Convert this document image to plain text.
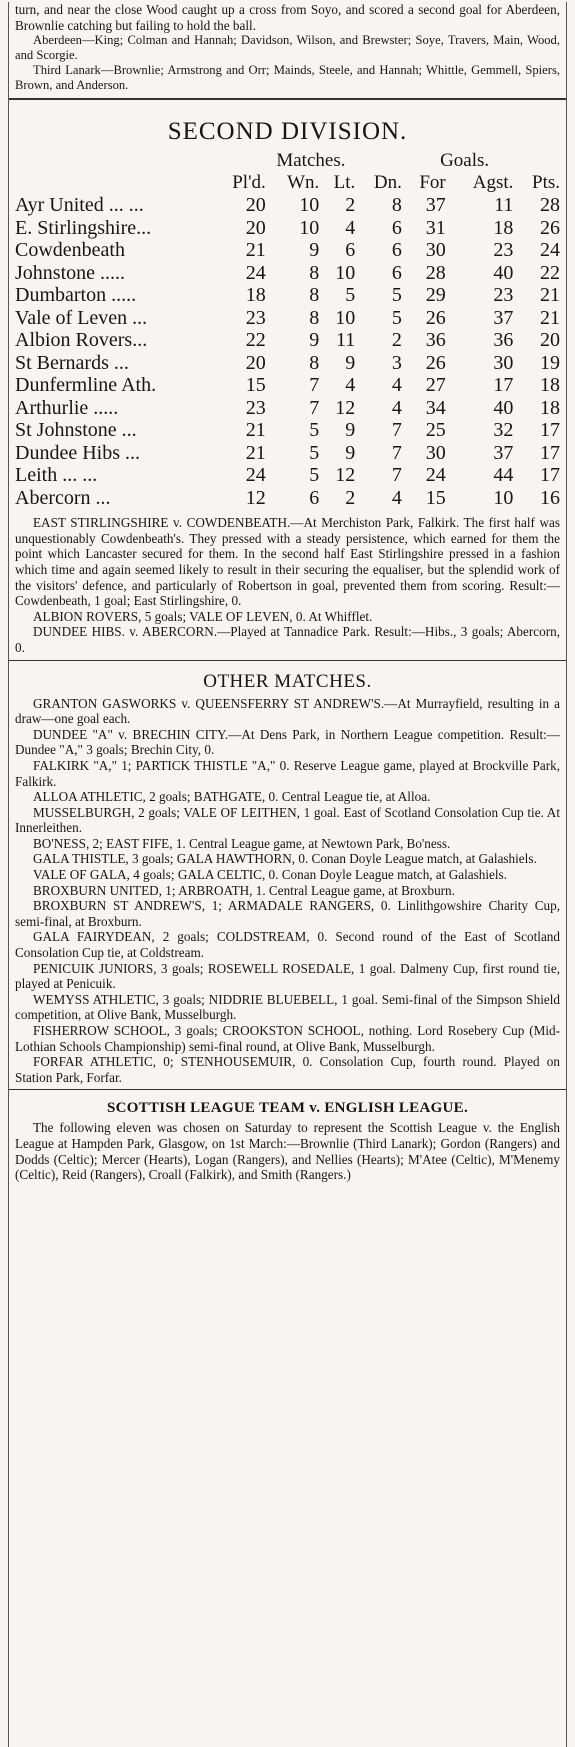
turn, and near the close Wood caught up a cross from Soyo, and scored a second goal for Aberdeen, Brownlie catching but failing to hold the ball.

Aberdeen—King; Colman and Hannah; Davidson, Wilson, and Brewster; Soye, Travers, Main, Wood, and Scorgie.

Third Lanark—Brownlie; Armstrong and Orr; Mainds, Steele, and Hannah; Whittle, Gemmell, Spiers, Brown, and Anderson.

SECOND DIVISION.
	Matches.				Goals.		
	Pl'd.	Wn.	Lt.	Dn.	For	Agst.	Pts.
Ayr United ... ...	20	10	2	8	37	11	28
E. Stirlingshire...	20	10	4	6	31	18	26
Cowdenbeath	21	9	6	6	30	23	24
Johnstone .....	24	8	10	6	28	40	22
Dumbarton .....	18	8	5	5	29	23	21
Vale of Leven ...	23	8	10	5	26	37	21
Albion Rovers...	22	9	11	2	36	36	20
St Bernards ...	20	8	9	3	26	30	19
Dunfermline Ath.	15	7	4	4	27	17	18
Arthurlie .....	23	7	12	4	34	40	18
St Johnstone ...	21	5	9	7	25	32	17
Dundee Hibs ...	21	5	9	7	30	37	17
Leith ... ...	24	5	12	7	24	44	17
Abercorn ...	12	6	2	4	15	10	16

EAST STIRLINGSHIRE v. COWDENBEATH.—At Merchiston Park, Falkirk. The first half was unquestionably Cowdenbeath's. They pressed with a steady persistence, which earned for them the point which Lancaster secured for them. In the second half East Stirlingshire pressed in a fashion which time and again seemed likely to result in their securing the equaliser, but the splendid work of the visitors' defence, and particularly of Robertson in goal, prevented them from scoring. Result:—Cowdenbeath, 1 goal; East Stirlingshire, 0.

ALBION ROVERS, 5 goals; VALE OF LEVEN, 0. At Whifflet.

DUNDEE HIBS. v. ABERCORN.—Played at Tannadice Park. Result:—Hibs., 3 goals; Abercorn, 0.

OTHER MATCHES.

GRANTON GASWORKS v. QUEENSFERRY ST ANDREW'S.—At Murrayfield, resulting in a draw—one goal each.

DUNDEE "A" v. BRECHIN CITY.—At Dens Park, in Northern League competition. Result:—Dundee "A," 3 goals; Brechin City, 0.

FALKIRK "A," 1; PARTICK THISTLE "A," 0. Reserve League game, played at Brockville Park, Falkirk.

ALLOA ATHLETIC, 2 goals; BATHGATE, 0. Central League tie, at Alloa.

MUSSELBURGH, 2 goals; VALE OF LEITHEN, 1 goal. East of Scotland Consolation Cup tie. At Innerleithen.

BO'NESS, 2; EAST FIFE, 1. Central League game, at Newtown Park, Bo'ness.

GALA THISTLE, 3 goals; GALA HAWTHORN, 0. Conan Doyle League match, at Galashiels.

VALE OF GALA, 4 goals; GALA CELTIC, 0. Conan Doyle League match, at Galashiels.

BROXBURN UNITED, 1; ARBROATH, 1. Central League game, at Broxburn.

BROXBURN ST ANDREW'S, 1; ARMADALE RANGERS, 0. Linlithgowshire Charity Cup, semi-final, at Broxburn.

GALA FAIRYDEAN, 2 goals; COLDSTREAM, 0. Second round of the East of Scotland Consolation Cup tie, at Coldstream.

PENICUIK JUNIORS, 3 goals; ROSEWELL ROSEDALE, 1 goal. Dalmeny Cup, first round tie, played at Penicuik.

WEMYSS ATHLETIC, 3 goals; NIDDRIE BLUEBELL, 1 goal. Semi-final of the Simpson Shield competition, at Olive Bank, Musselburgh.

FISHERROW SCHOOL, 3 goals; CROOKSTON SCHOOL, nothing. Lord Rosebery Cup (Mid-Lothian Schools Championship) semi-final round, at Olive Bank, Musselburgh.

FORFAR ATHLETIC, 0; STENHOUSEMUIR, 0. Consolation Cup, fourth round. Played on Station Park, Forfar.

SCOTTISH LEAGUE TEAM v. ENGLISH LEAGUE.

The following eleven was chosen on Saturday to represent the Scottish League v. the English League at Hampden Park, Glasgow, on 1st March:—Brownlie (Third Lanark); Gordon (Rangers) and Dodds (Celtic); Mercer (Hearts), Logan (Rangers), and Nellies (Hearts); M'Atee (Celtic), M'Menemy (Celtic), Reid (Rangers), Croall (Falkirk), and Smith (Rangers.)
